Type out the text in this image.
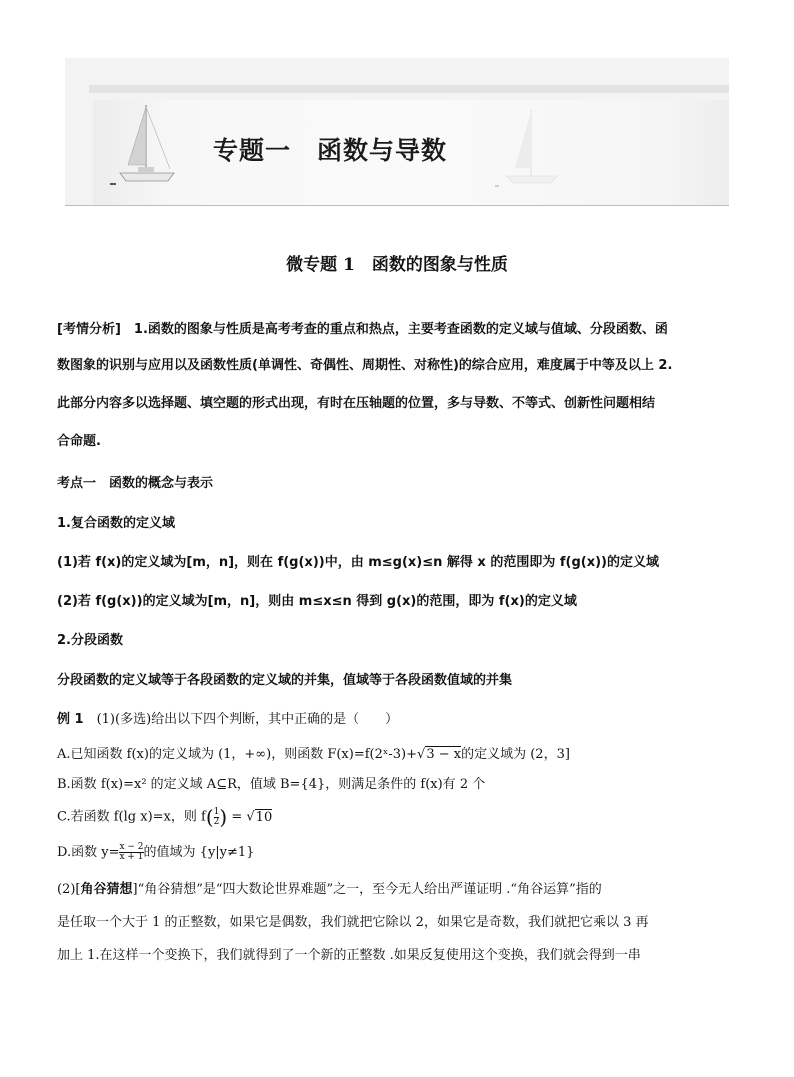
专题一　函数与导数
微专题 1　函数的图象与性质
[考情分析]　 1.函数的图象与性质是高考考查的重点和热点，主要考查函数的定义域与值域、分段函数、函
数图象的识别与应用以及函数性质(单调性、奇偶性、周期性、对称性)的综合应用，难度属于中等及以上 2.
此部分内容多以选择题、填空题的形式出现，有时在压轴题的位置，多与导数、不等式、创新性问题相结
合命题.
考点一　函数的概念与表示
1.复合函数的定义域
(1)若 f(x)的定义域为[m，n]，则在 f(g(x))中，由 m≤g(x)≤n 解得 x 的范围即为 f(g(x))的定义域
(2)若 f(g(x))的定义域为[m，n]，则由 m≤x≤n 得到 g(x)的范围，即为 f(x)的定义域
2.分段函数
分段函数的定义域等于各段函数的定义域的并集，值域等于各段函数值域的并集
例 1　(1)(多选)给出以下四个判断，其中正确的是（　　）
A.已知函数 f(x)的定义域为 (1，+∞)，则函数 F(x)=f(2ˣ-3)+√3 − x的定义域为 (2，3]
B.函数 f(x)=x² 的定义域 A⊆R，值域 B={4}，则满足条件的 f(x)有 2 个
C.若函数 f(lg x)=x，则 $f( \frac{1}{2}$ ) = √10
D.函数 $y= \frac{x - 2}{x + 1}$ 的值域为 {y|y≠1}
(2)[角谷猜想]“角谷猜想”是“四大数论世界难题”之一，至今无人给出严谨证明 .“角谷运算”指的
是任取一个大于 1 的正整数，如果它是偶数，我们就把它除以 2，如果它是奇数，我们就把它乘以 3 再
加上 1.在这样一个变换下，我们就得到了一个新的正整数 .如果反复使用这个变换，我们就会得到一串
